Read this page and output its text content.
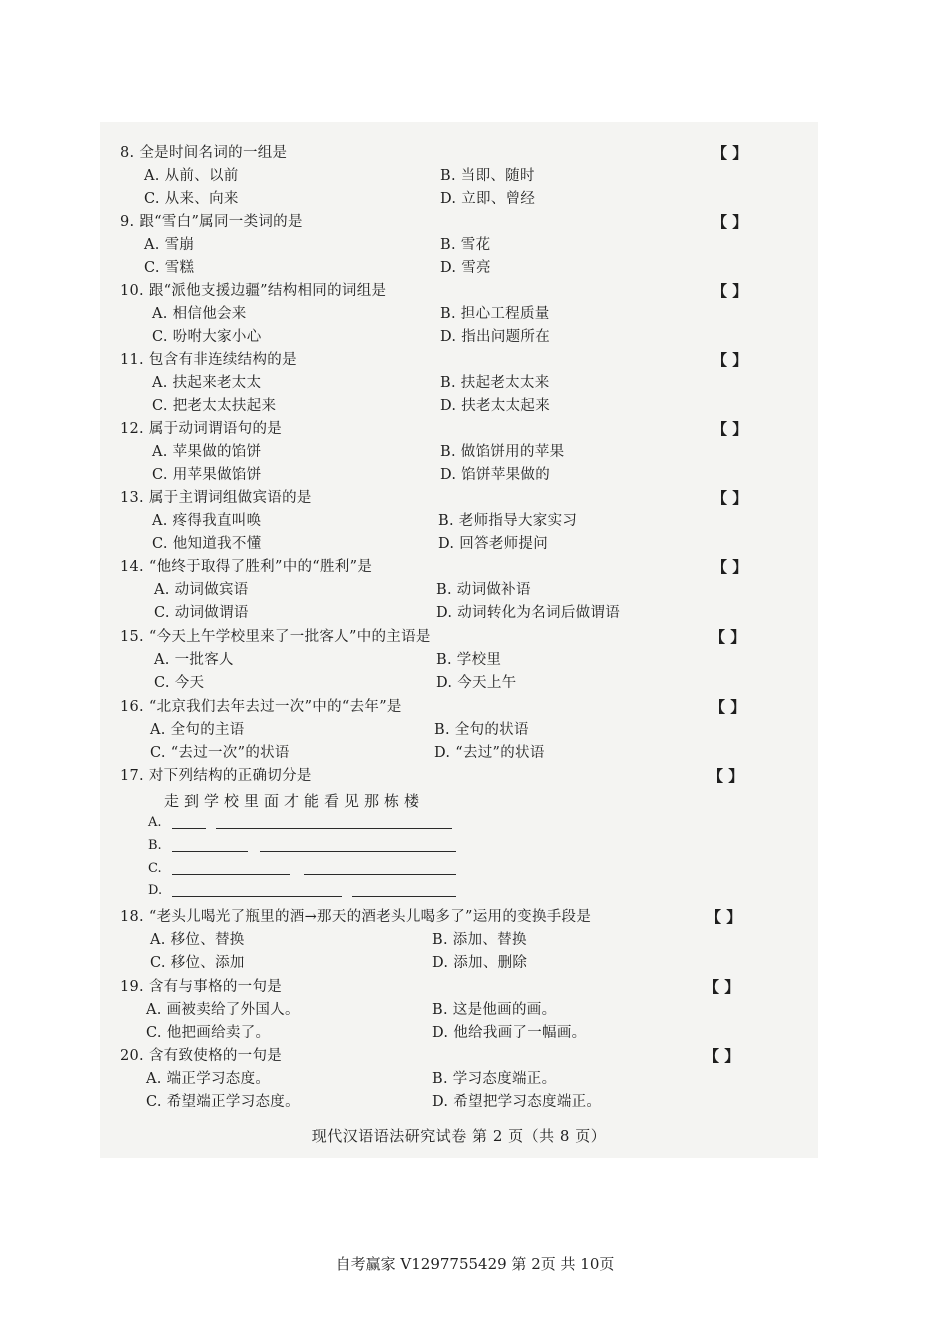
8. 全是时间名词的一组是	【 】
A. 从前、以前	B. 当即、随时
C. 从来、向来	D. 立即、曾经
9. 跟“雪白”属同一类词的是	【 】
A. 雪崩	B. 雪花
C. 雪糕	D. 雪亮
10. 跟“派他支援边疆”结构相同的词组是	【 】
A. 相信他会来	B. 担心工程质量
C. 吩咐大家小心	D. 指出问题所在
11. 包含有非连续结构的是	【 】
A. 扶起来老太太	B. 扶起老太太来
C. 把老太太扶起来	D. 扶老太太起来
12. 属于动词谓语句的是	【 】
A. 苹果做的馅饼	B. 做馅饼用的苹果
C. 用苹果做馅饼	D. 馅饼苹果做的
13. 属于主谓词组做宾语的是	【 】
A. 疼得我直叫唤	B. 老师指导大家实习
C. 他知道我不懂	D. 回答老师提问
14. “他终于取得了胜利”中的“胜利”是	【 】
A. 动词做宾语	B. 动词做补语
C. 动词做谓语	D. 动词转化为名词后做谓语
15. “今天上午学校里来了一批客人”中的主语是	【 】
A. 一批客人	B. 学校里
C. 今天	D. 今天上午
16. “北京我们去年去过一次”中的“去年”是	【 】
A. 全句的主语	B. 全句的状语
C. “去过一次”的状语	D. “去过”的状语
17. 对下列结构的正确切分是	【 】
走到学校里面才能看见那栋楼
A.
B.
C.
D.
18. “老头儿喝光了瓶里的酒→那天的酒老头儿喝多了”运用的变换手段是	【 】
A. 移位、替换	B. 添加、替换
C. 移位、添加	D. 添加、删除
19. 含有与事格的一句是	【 】
A. 画被卖给了外国人。	B. 这是他画的画。
C. 他把画给卖了。	D. 他给我画了一幅画。
20. 含有致使格的一句是	【 】
A. 端正学习态度。	B. 学习态度端正。
C. 希望端正学习态度。	D. 希望把学习态度端正。
现代汉语语法研究试卷 第 2 页（共 8 页）
自考赢家 V1297755429 第 2页 共 10页
